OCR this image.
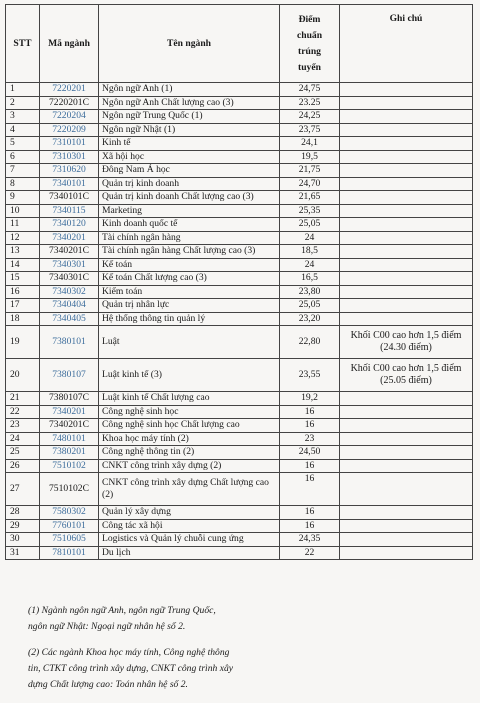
STT	Mã ngành	Tên ngành	Điểm
chuẩn
trúng
tuyển	Ghi chú
1	7220201	Ngôn ngữ Anh (1)	24,75	
2	7220201C	Ngôn ngữ Anh Chất lượng cao (3)	23.25	
3	7220204	Ngôn ngữ Trung Quốc (1)	24,25	
4	7220209	Ngôn ngữ Nhật (1)	23,75	
5	7310101	Kinh tế	24,1	
6	7310301	Xã hội học	19,5	
7	7310620	Đông Nam Á học	21,75	
8	7340101	Quản trị kinh doanh	24,70	
9	7340101C	Quản trị kinh doanh Chất lượng cao (3)	21,65	
10	7340115	Marketing	25,35	
11	7340120	Kinh doanh quốc tế	25,05	
12	7340201	Tài chính ngân hàng	24	
13	7340201C	Tài chính ngân hàng Chất lượng cao (3)	18,5	
14	7340301	Kế toán	24	
15	7340301C	Kế toán Chất lượng cao (3)	16,5	
16	7340302	Kiểm toán	23,80	
17	7340404	Quản trị nhân lực	25,05	
18	7340405	Hệ thống thông tin quản lý	23,20	
19	7380101	Luật	22,80	Khối C00 cao hơn 1,5 điểm (24.30 điểm)
20	7380107	Luật kinh tế (3)	23,55	Khối C00 cao hơn 1,5 điểm (25.05 điểm)
21	7380107C	Luật kinh tế Chất lượng cao	19,2	
22	7340201	Công nghệ sinh học	16	
23	7340201C	Công nghệ sinh học Chất lượng cao	16	
24	7480101	Khoa học máy tính (2)	23	
25	7380201	Công nghệ thông tin (2)	24,50	
26	7510102	CNKT công trình xây dựng (2)	16	
27	7510102C	CNKT công trình xây dựng Chất lượng cao (2)	16	
28	7580302	Quản lý xây dựng	16	
29	7760101	Công tác xã hội	16	
30	7510605	Logistics và Quản lý chuỗi cung ứng	24,35	
31	7810101	Du lịch	22	

(1) Ngành ngôn ngữ Anh, ngôn ngữ Trung Quốc,
ngôn ngữ Nhật: Ngoại ngữ nhân hệ số 2.

(2) Các ngành Khoa học máy tính, Công nghệ thông
tin, CTKT công trình xây dựng, CNKT công trình xây
dựng Chất lượng cao: Toán nhân hệ số 2.
